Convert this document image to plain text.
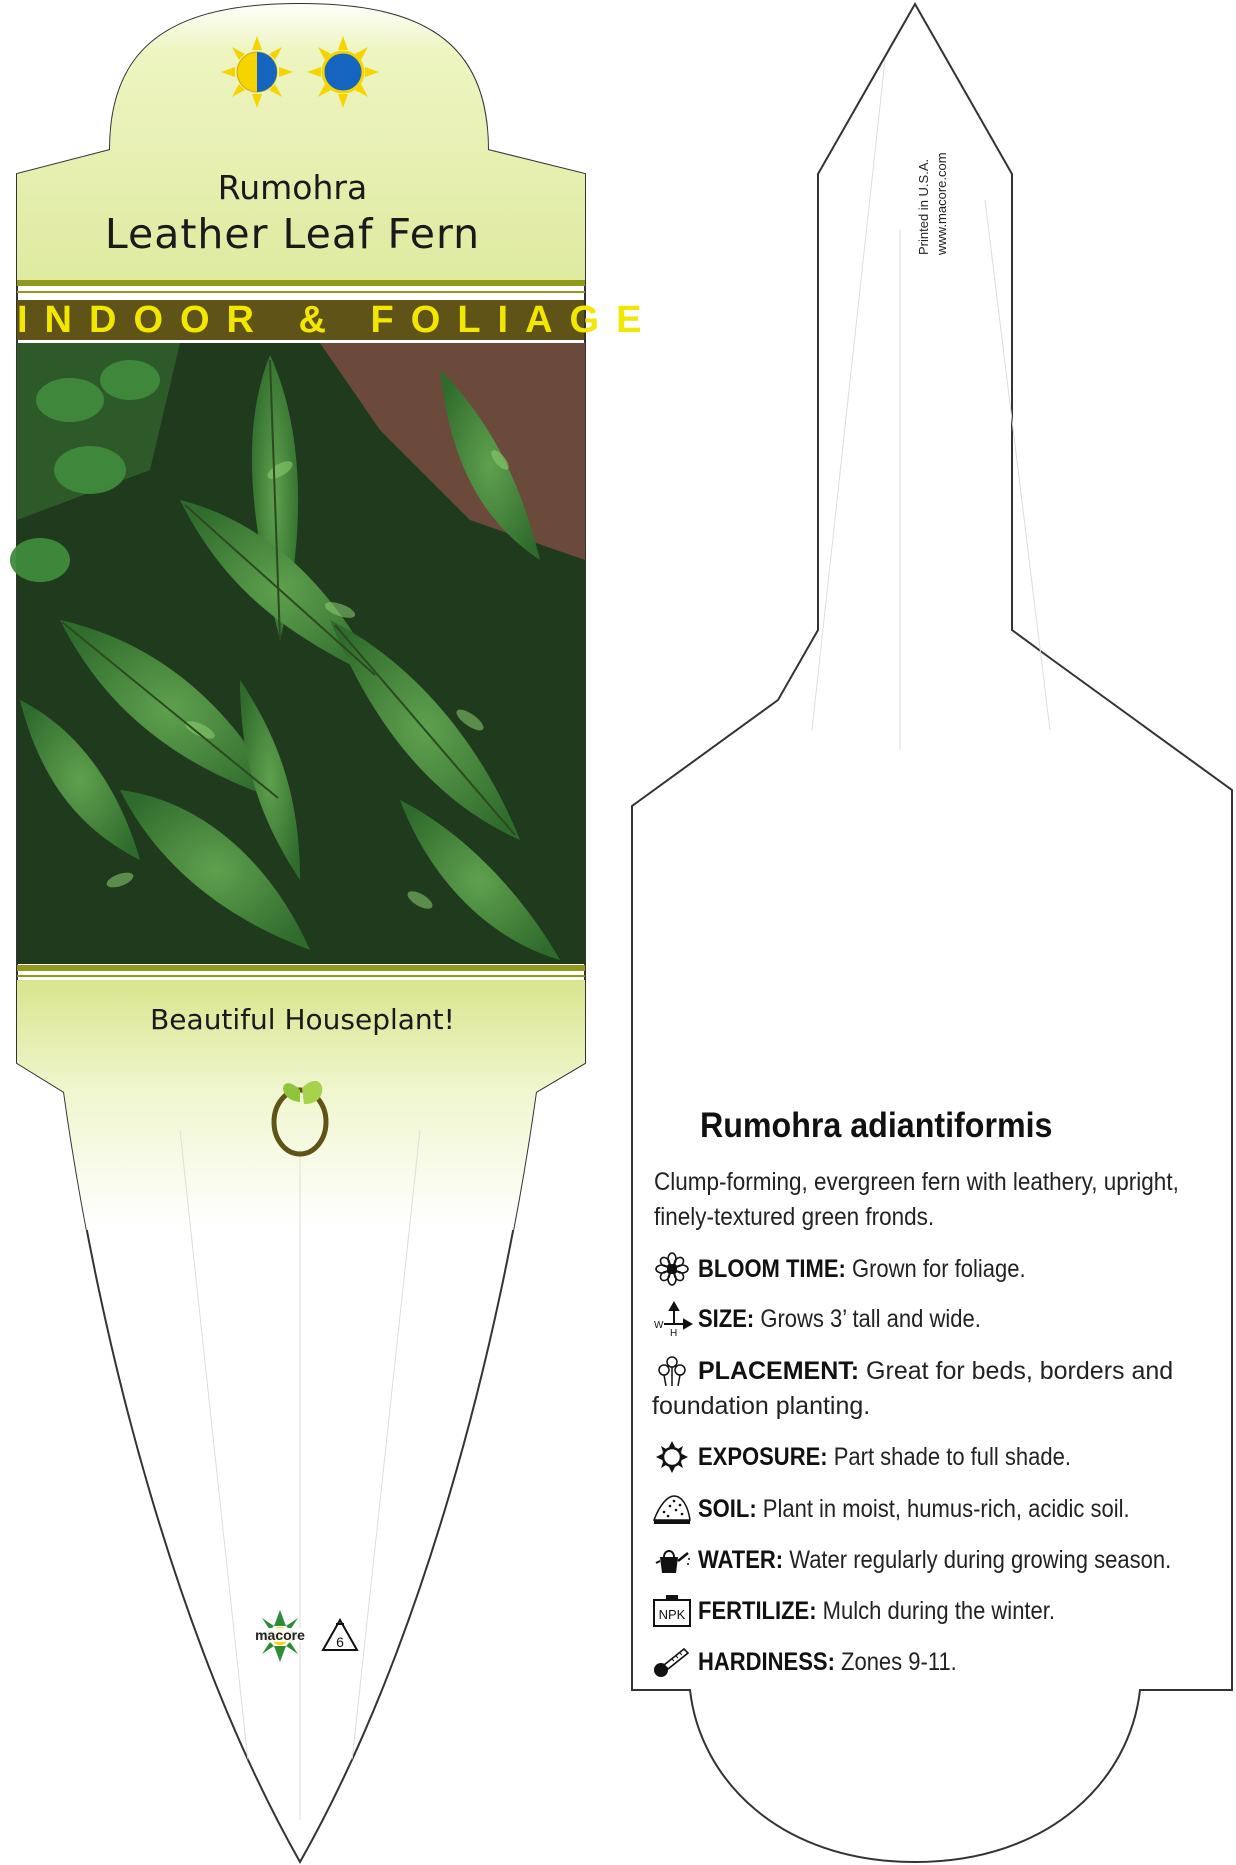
macore 6
Rumohra
Leather Leaf Fern
INDOOR & FOLIAGE
Beautiful Houseplant!
Printed in U.S.A. www.macore.com
Rumohra adiantiformis
Clump-forming, evergreen fern with leathery, upright, finely-textured green fronds.
BLOOM TIME: Grown for foliage.
W
H
SIZE: Grows 3’ tall and wide.
PLACEMENT: Great for beds, borders and foundation planting.
EXPOSURE: Part shade to full shade.
SOIL: Plant in moist, humus-rich, acidic soil.
WATER: Water regularly during growing season.
NPK FERTILIZE: Mulch during the winter.
HARDINESS: Zones 9-11.
